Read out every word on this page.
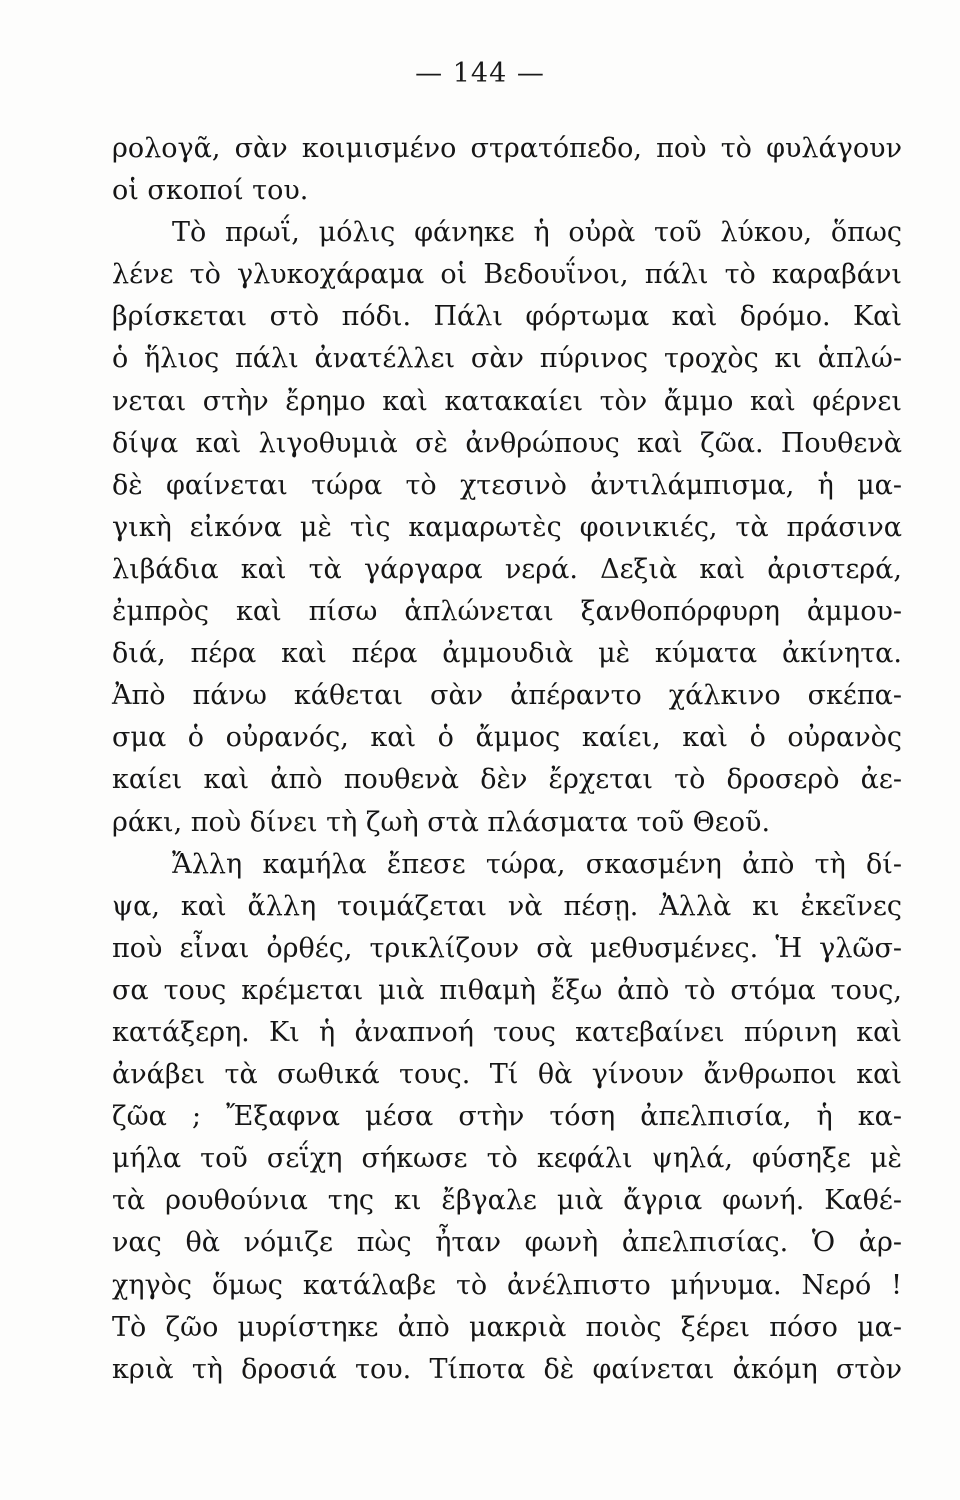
— 144 —
ρολογᾶ, σὰν κοιμισμένο στρατόπεδο, ποὺ τὸ φυλάγουν
οἱ σκοποί του.
Τὸ πρωΐ, μόλις φάνηκε ἡ οὐρὰ τοῦ λύκου, ὅπως
λένε τὸ γλυκοχάραμα οἱ Βεδουΐνοι, πάλι τὸ καραβάνι
βρίσκεται στὸ πόδι. Πάλι φόρτωμα καὶ δρόμο. Καὶ
ὁ ἥλιος πάλι ἀνατέλλει σὰν πύρινος τροχὸς κι ἁπλώ-
νεται στὴν ἔρημο καὶ κατακαίει τὸν ἄμμο καὶ φέρνει
δίψα καὶ λιγοθυμιὰ σὲ ἀνθρώπους καὶ ζῶα. Πουθενὰ
δὲ φαίνεται τώρα τὸ χτεσινὸ ἀντιλάμπισμα, ἡ μα-
γικὴ εἰκόνα μὲ τὶς καμαρωτὲς φοινικιές, τὰ πράσινα
λιβάδια καὶ τὰ γάργαρα νερά. Δεξιὰ καὶ ἀριστερά,
ἐμπρὸς καὶ πίσω ἁπλώνεται ξανθοπόρφυρη ἀμμου-
διά, πέρα καὶ πέρα ἀμμουδιὰ μὲ κύματα ἀκίνητα.
Ἀπὸ πάνω κάθεται σὰν ἀπέραντο χάλκινο σκέπα-
σμα ὁ οὐρανός, καὶ ὁ ἄμμος καίει, καὶ ὁ οὐρανὸς
καίει καὶ ἀπὸ πουθενὰ δὲν ἔρχεται τὸ δροσερὸ ἀε-
ράκι, ποὺ δίνει τὴ ζωὴ στὰ πλάσματα τοῦ Θεοῦ.
Ἄλλη καμήλα ἔπεσε τώρα, σκασμένη ἀπὸ τὴ δί-
ψα, καὶ ἄλλη τοιμάζεται νὰ πέσῃ. Ἀλλὰ κι ἐκεῖνες
ποὺ εἶναι ὀρθές, τρικλίζουν σὰ μεθυσμένες. Ἡ γλῶσ-
σα τους κρέμεται μιὰ πιθαμὴ ἔξω ἀπὸ τὸ στόμα τους,
κατάξερη. Κι ἡ ἀναπνοή τους κατεβαίνει πύρινη καὶ
ἀνάβει τὰ σωθικά τους. Τί θὰ γίνουν ἄνθρωποι καὶ
ζῶα ; Ἔξαφνα μέσα στὴν τόση ἀπελπισία, ἡ κα-
μήλα τοῦ σεΐχη σήκωσε τὸ κεφάλι ψηλά, φύσηξε μὲ
τὰ ρουθούνια της κι ἔβγαλε μιὰ ἄγρια φωνή. Καθέ-
νας θὰ νόμιζε πὼς ἦταν φωνὴ ἀπελπισίας. Ὁ ἀρ-
χηγὸς ὅμως κατάλαβε τὸ ἀνέλπιστο μήνυμα. Νερό !
Τὸ ζῶο μυρίστηκε ἀπὸ μακριὰ ποιὸς ξέρει πόσο μα-
κριὰ τὴ δροσιά του. Τίποτα δὲ φαίνεται ἀκόμη στὸν
